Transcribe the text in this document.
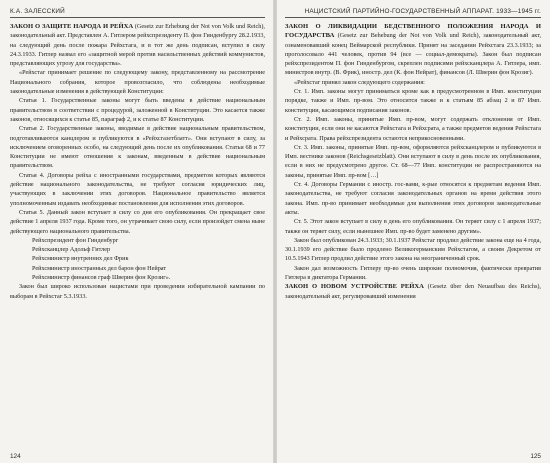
К.А. ЗАЛЕССКИЙ

ЗАКОН О ЗАЩИТЕ НАРОДА И РЕЙХА (Gesetz zur Erhebung der Not von Volk und Reich), законодательный акт. Представлен А. Гитлером рейхспрезиденту П. фон Гинденбургу 28.2.1933, на следующий день после пожара Рейхстага, и в тот же день подписан, вступил в силу 24.3.1933. Гитлер назвал его «защитной мерой против насильственных действий коммунистов, представляющих угрозу для государства».

«Рейхстаг принимает решение по следующему закону, представленному на рассмотрение Национального собрания, которое провозгласило, что соблюдены необходимые законодательные изменения в действующей Конституции:

Статья 1. Государственные законы могут быть введены в действие национальным правительством в соответствии с процедурой, заложенной в Конституции. Это касается также законов, относящихся к статье 85, параграф 2, и к статье 87 Конституции.

Статья 2. Государственные законы, вводимые в действие национальным правительством, подготавливаются канцлером и публикуются в «Рейхсгазетблатт». Они вступают в силу, за исключением оговоренных особо, на следующий день после их опубликования. Статьи 68 и 77 Конституции не имеют отношения к законам, введенным в действие национальным правительством.

Статья 4. Договоры рейха с иностранными государствами, предметом которых являются действие национального законодательства, не требуют согласия юридических лиц, участвующих в заключении этих договоров. Национальное правительство является уполномоченным издавать необходимые постановления для исполнения этих договоров.

Статья 5. Данный закон вступает в силу со дня его опубликования. Он прекращает свое действие 1 апреля 1937 года. Кроме того, он утрачивает свою силу, если произойдет смена ныне действующего национального правительства.

Рейхспрезидент фон Гинденбург

Рейхсканцлер Адольф Гитлер

Рейхсминистр внутренних дел Фрик

Рейхсминистр иностранных дел барон фон Нейрат

Рейхсминистр финансов граф Шверин фон Крозиг».

Закон был широко использован нацистами при проведении избирательной кампании по выборам в Рейхстаг 5.3.1933.

124
НАЦИСТСКИЙ ПАРТИЙНО-ГОСУДАРСТВЕННЫЙ АППАРАТ. 1933—1945 гг.

ЗАКОН О ЛИКВИДАЦИИ БЕДСТВЕННОГО ПОЛОЖЕНИЯ НАРОДА И ГОСУДАРСТВА (Gesetz zur Behebung der Not von Volk und Reich), законодательный акт, ознаменовавший конец Веймарской республики. Принят на заседании Рейхстага 23.3.1933; за проголосовало 441 человек, против 94 (все — социал-демократы). Закон был подписан рейхспрезидентом П. фон Гинденбургом, скреплен подписями рейхсканцлера А. Гитлера, имп. министров внутр. (В. Фрик), иностр. дел (К. фон Нейрат), финансов (Л. Шверин фон Крозиг).

«Рейхстаг принял закон следующего содержания:

Ст. 1. Имп. законы могут приниматься кроме как в предусмотренном в Имп. конституции порядке, также и Имп. пр-вом. Это относится также и к статьям 85 абзац 2 и 87 Имп. конституции, касающимся подписания законов.

Ст. 2. Имп. законы, принятые Имп. пр-вом, могут содержать отклонения от Имп. конституции, если они не касаются Рейхстага и Рейхсрата, а также предметов ведения Рейхстага и Рейхсрата. Права рейхспрезидента остаются неприкосновенными.

Ст. 3. Имп. законы, принятые Имп. пр-вом, оформляются рейхсканцлером и публикуются в Имп. вестнике законов (Reichsgesetzblatt). Они вступают в силу в день после их опубликования, если в них не предусмотрено другое. Ст. 68—77 Имп. конституции не распространяются на законы, принятые Имп. пр-вом […]

Ст. 4. Договоры Германии с иностр. гос-вами, к-рые относятся к предметам ведения Имп. законодательства, не требуют согласия законодательных органов на время действия этого закона. Имп. пр-во принимает необходимые для выполнения этих договоров законодательные акты.

Ст. 5. Этот закон вступает в силу в день его опубликования. Он теряет силу с 1 апреля 1937; также он теряет силу, если нынешнее Имп. пр-во будет заменено другим».

Закон был опубликован 24.3.1933; 30.1.1937 Рейхстаг продлил действие закона еще на 4 года, 30.1.1939 его действие было продлено Великогерманским Рейхстагом, а своим Декретом от 10.5.1943 Гитлер продлил действие этого закона на неограниченный срок.

Закон дал возможность Гитлеру пр-во очень широкие полномочия, фактически превратив Гитлера в диктатора Германии.

ЗАКОН О НОВОМ УСТРОЙСТВЕ РЕЙХА (Gesetz über den Neuaufbau des Reichs), законодательный акт, регулировавший изменения

125
